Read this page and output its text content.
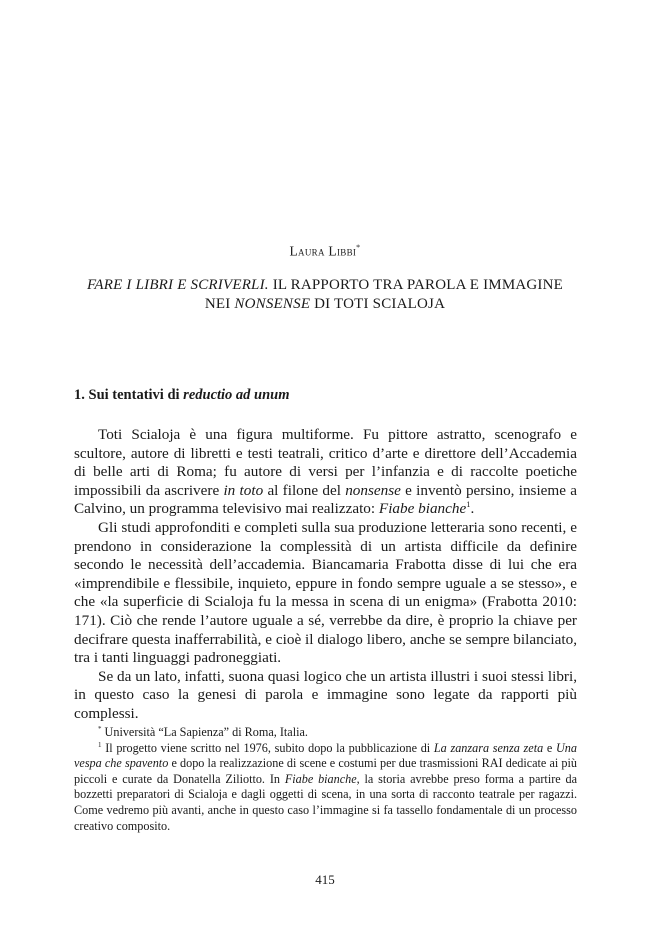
Laura Libbi*
FARE I LIBRI E SCRIVERLI. IL RAPPORTO TRA PAROLA E IMMAGINE
NEI NONSENSE DI TOTI SCIALOJA
1. Sui tentativi di reductio ad unum

Toti Scialoja è una figura multiforme. Fu pittore astratto, scenografo e scultore, autore di libretti e testi teatrali, critico d’arte e direttore dell’Accademia di belle arti di Roma; fu autore di versi per l’infanzia e di raccolte poetiche impossibili da ascrivere in toto al filone del nonsense e inventò persino, insieme a Calvino, un programma televisivo mai realizzato: Fiabe bianche$^1$.

Gli studi approfonditi e completi sulla sua produzione letteraria sono recenti, e prendono in considerazione la complessità di un artista difficile da definire secondo le necessità dell’accademia. Biancamaria Frabotta disse di lui che era «imprendibile e flessibile, inquieto, eppure in fondo sempre uguale a se stesso», e che «la superficie di Scialoja fu la messa in scena di un enigma» (Frabotta 2010: 171). Ciò che rende l’autore uguale a sé, verrebbe da dire, è proprio la chiave per decifrare questa inafferrabilità, e cioè il dialogo libero, anche se sempre bilanciato, tra i tanti linguaggi padroneggiati.

Se da un lato, infatti, suona quasi logico che un artista illustri i suoi stessi libri, in questo caso la genesi di parola e immagine sono legate da rapporti più complessi.

* Università “La Sapienza” di Roma, Italia.

$^1$ Il progetto viene scritto nel 1976, subito dopo la pubblicazione di La zanzara senza zeta e Una vespa che spavento e dopo la realizzazione di scene e costumi per due trasmissioni RAI dedicate ai più piccoli e curate da Donatella Ziliotto. In Fiabe bianche, la storia avrebbe preso forma a partire da bozzetti preparatori di Scialoja e dagli oggetti di scena, in una sorta di racconto teatrale per ragazzi. Come vedremo più avanti, anche in questo caso l’immagine si fa tassello fondamentale di un processo creativo composito.

415
